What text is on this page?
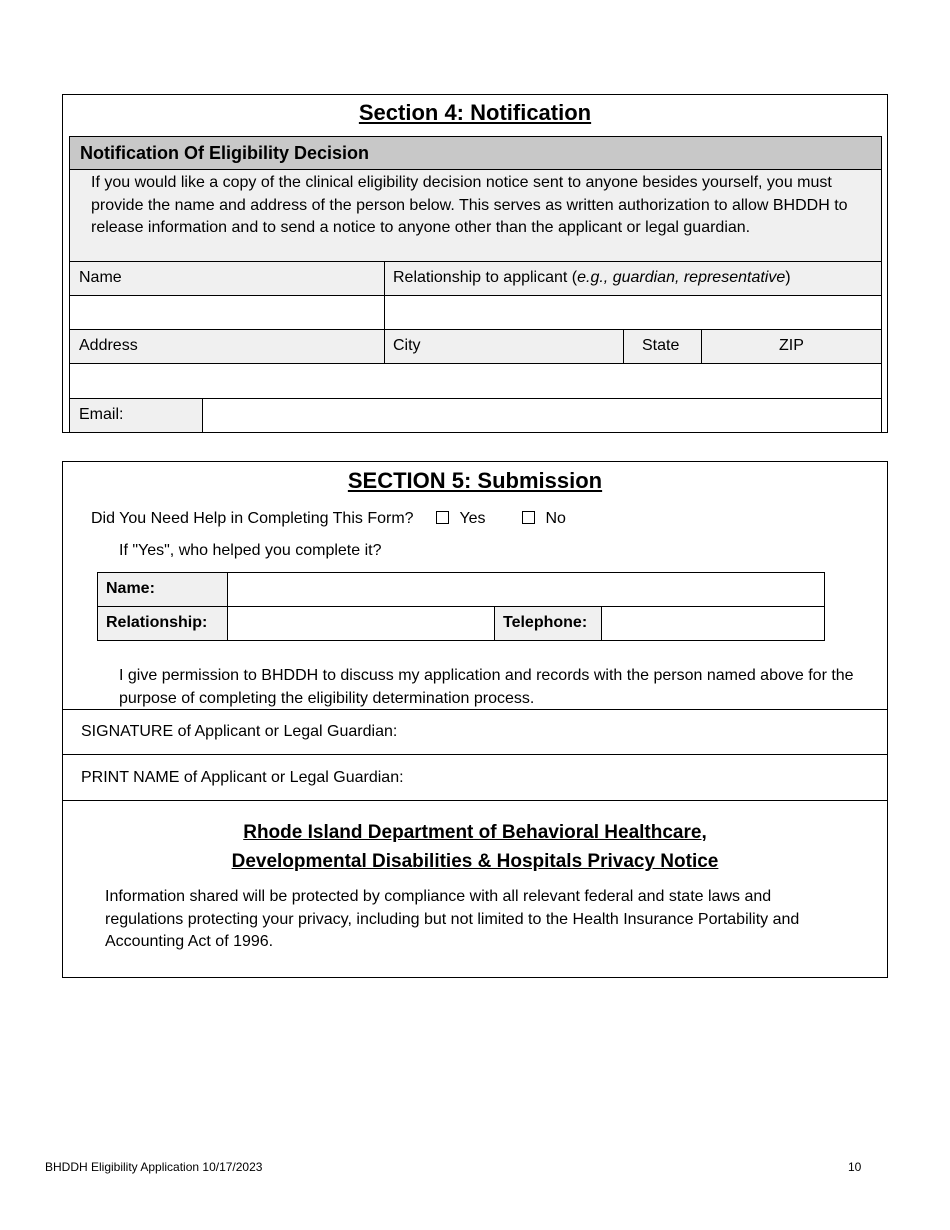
Section 4: Notification
Notification Of Eligibility Decision
If you would like a copy of the clinical eligibility decision notice sent to anyone besides yourself, you must provide the name and address of the person below. This serves as written authorization to allow BHDDH to release information and to send a notice to anyone other than the applicant or legal guardian.
Name	Relationship to applicant (e.g., guardian, representative)
Address	City	State	ZIP
Email:
SECTION 5: Submission
Did You Need Help in Completing This Form?	Yes	No
If "Yes", who helped you complete it?
Name:
Relationship:	Telephone:
I give permission to BHDDH to discuss my application and records with the person named above for the purpose of completing the eligibility determination process.
SIGNATURE of Applicant or Legal Guardian:
PRINT NAME of Applicant or Legal Guardian:
Rhode Island Department of Behavioral Healthcare,
Developmental Disabilities & Hospitals Privacy Notice
Information shared will be protected by compliance with all relevant federal and state laws and regulations protecting your privacy, including but not limited to the Health Insurance Portability and Accounting Act of 1996.
BHDDH Eligibility Application 10/17/2023	10
